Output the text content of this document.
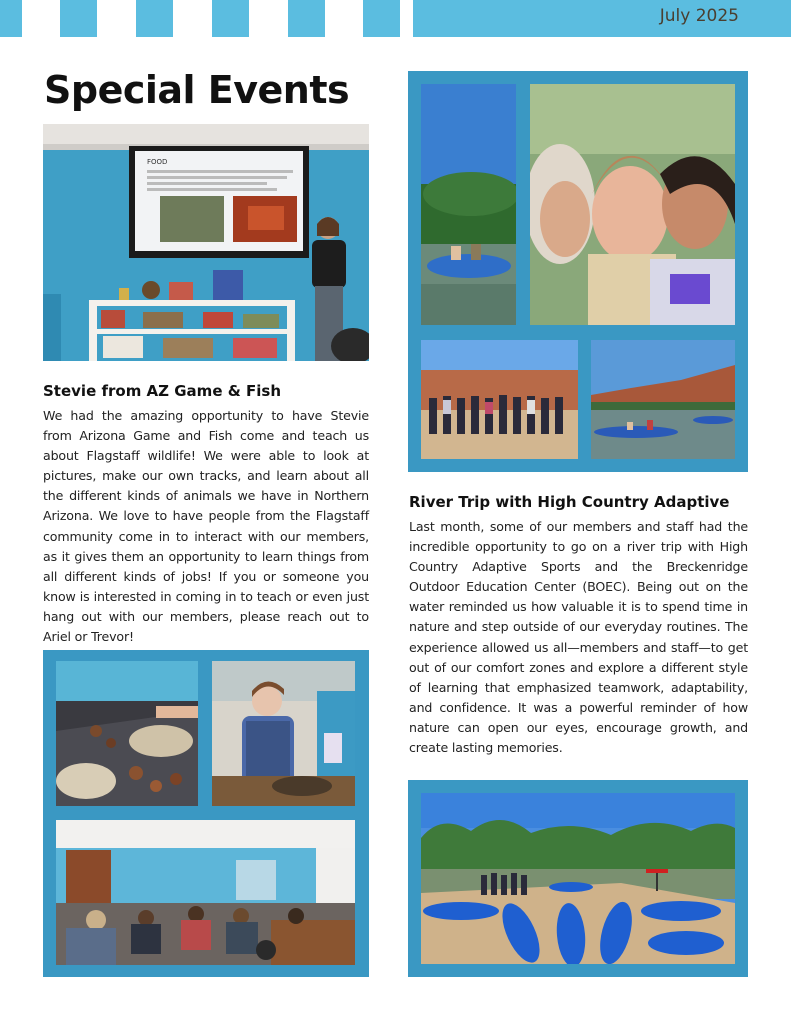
July 2025
Special Events
FOOD
Stevie from AZ Game & Fish

We had the amazing opportunity to have Stevie from Arizona Game and Fish come and teach us about Flagstaff wildlife! We were able to look at pictures, make our own tracks, and learn about all the different kinds of animals we have in Northern Arizona. We love to have people from the Flagstaff community come in to interact with our members, as it gives them an opportunity to learn things from all different kinds of jobs! If you or someone you know is interested in coming in to teach or even just hang out with our members, please reach out to Ariel or Trevor!

River Trip with High Country Adaptive

Last month, some of our members and staff had the incredible opportunity to go on a river trip with High Country Adaptive Sports and the Breckenridge Outdoor Education Center (BOEC). Being out on the water reminded us how valuable it is to spend time in nature and step outside of our everyday routines. The experience allowed us all—members and staff—to get out of our comfort zones and explore a different style of learning that emphasized teamwork, adaptability, and confidence. It was a powerful reminder of how nature can open our eyes, encourage growth, and create lasting memories.
